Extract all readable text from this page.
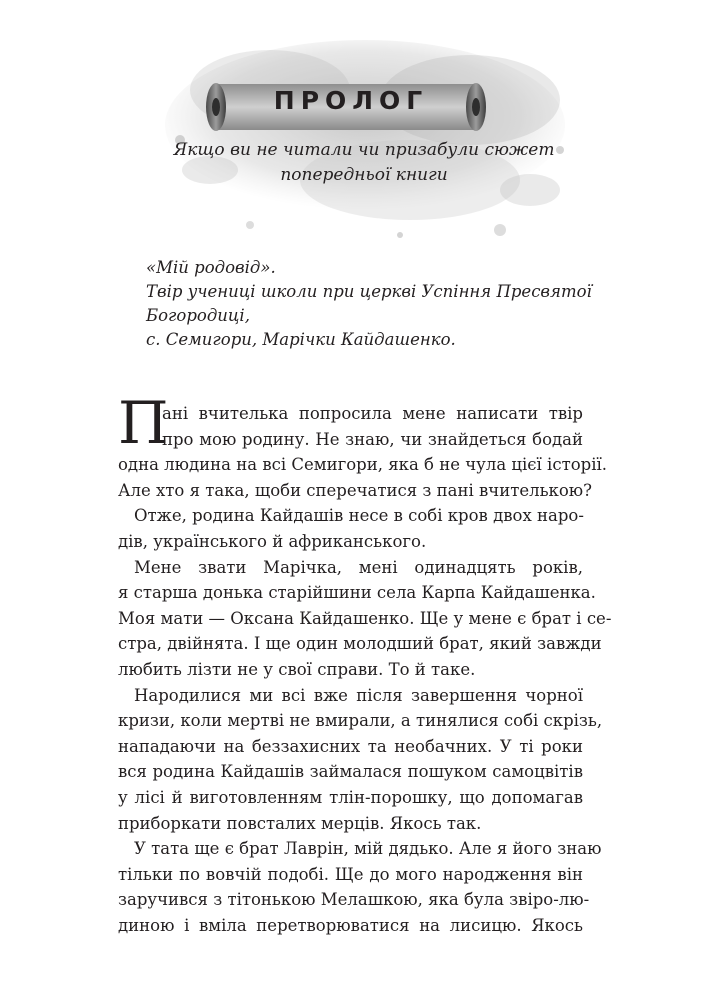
ПРОЛОГ
Якщо ви не читали чи призабули сюжет
попередньої книги
«Мій родовід».
Твір учениці школи при церкві Успіння Пресвятої
Богородиці,
с. Семигори, Марічки Кайдашенко.
П
ані вчителька попросила мене написати твір
про мою родину. Не знаю, чи знайдеться бодай
одна людина на всі Семигори, яка б не чула цієї історії.
Але хто я така, щоби сперечатися з пані вчителькою?
Отже, родина Кайдашів несе в собі кров двох наро-
дів, українського й африканського.
Мене звати Марічка, мені одинадцять років,
я старша донька старійшини села Карпа Кайдашенка.
Моя мати — Оксана Кайдашенко. Ще у мене є брат і се-
стра, двійнята. І ще один молодший брат, який завжди
любить лізти не у свої справи. То й таке.
Народилися ми всі вже після завершення чорної
кризи, коли мертві не вмирали, а тинялися собі скрізь,
нападаючи на беззахисних та необачних. У ті роки
вся родина Кайдашів займалася пошуком самоцвітів
у лісі й виготовленням тлін-порошку, що допомагав
приборкати повсталих мерців. Якось так.
У тата ще є брат Лаврін, мій дядько. Але я його знаю
тільки по вовчій подобі. Ще до мого народження він
заручився з тітонькою Мелашкою, яка була звіро-лю-
диною і вміла перетворюватися на лисицю. Якось
